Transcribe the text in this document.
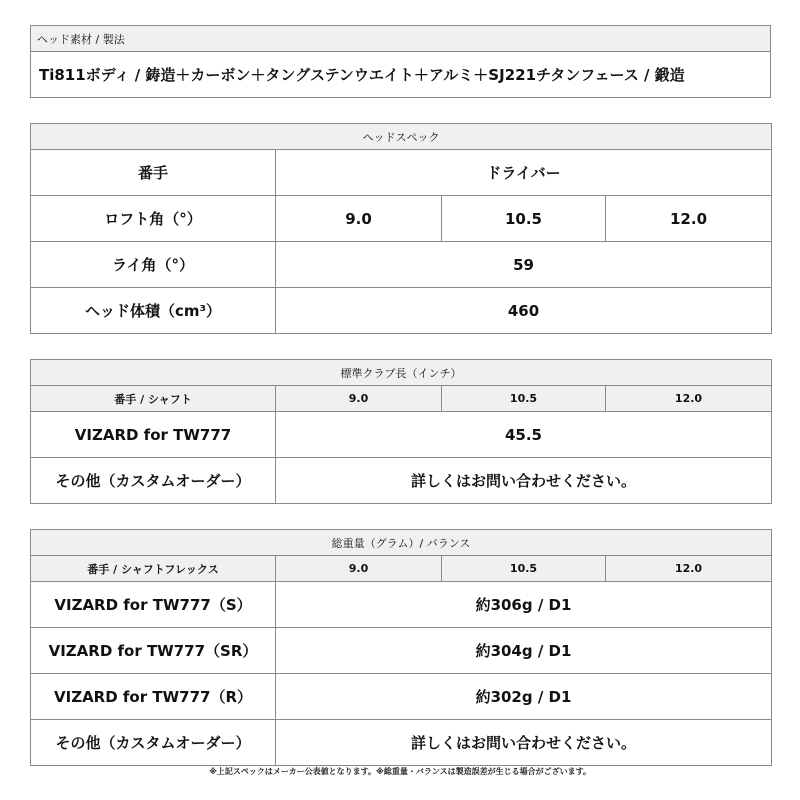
ヘッド素材 / 製法
Ti811ボディ / 鋳造＋カーボン＋タングステンウエイト＋アルミ＋SJ221チタンフェース / 鍛造
ヘッドスペック			
番手	ドライバー		
ロフト角（°）	9.0	10.5	12.0
ライ角（°）	59		
ヘッド体積（cm³）	460		
標準クラブ長（インチ）			
番手 / シャフト	9.0	10.5	12.0
VIZARD for TW777	45.5		
その他（カスタムオーダー）	詳しくはお問い合わせください。		
総重量（グラム）/ バランス			
番手 / シャフトフレックス	9.0	10.5	12.0
VIZARD for TW777（S）	約306g / D1		
VIZARD for TW777（SR）	約304g / D1		
VIZARD for TW777（R）	約302g / D1		
その他（カスタムオーダー）	詳しくはお問い合わせください。		
※上記スペックはメーカー公表値となります。※総重量・バランスは製造誤差が生じる場合がございます。
